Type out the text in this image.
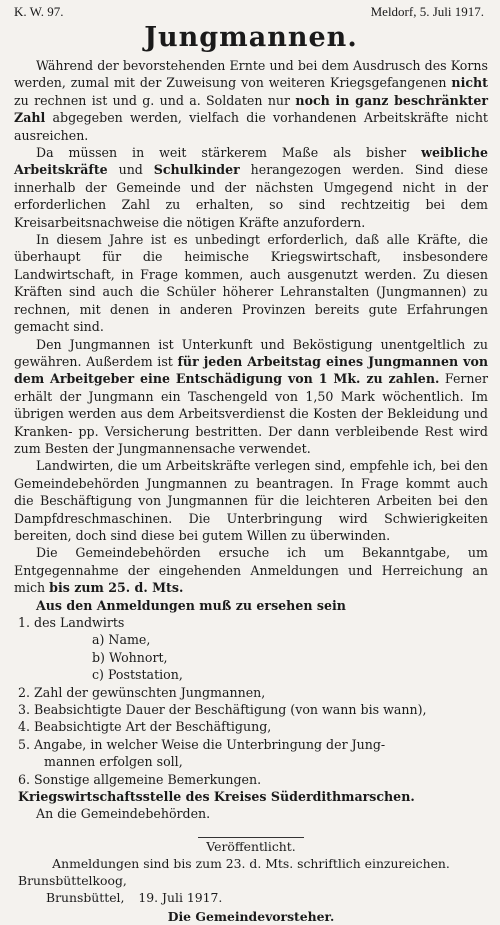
K. W. 97.	Meldorf, 5. Juli 1917.
Jungmannen.

Während der bevorstehenden Ernte und bei dem Ausdrusch des Korns werden, zumal mit der Zuweisung von weiteren Kriegsgefangenen nicht zu rechnen ist und g. und a. Soldaten nur noch in ganz beschränkter Zahl abgegeben werden, vielfach die vorhandenen Arbeitskräfte nicht ausreichen.

Da müssen in weit stärkerem Maße als bisher weibliche Arbeitskräfte und Schulkinder herangezogen werden. Sind diese innerhalb der Gemeinde und der nächsten Umgegend nicht in der erforderlichen Zahl zu erhalten, so sind rechtzeitig bei dem Kreisarbeitsnachweise die nötigen Kräfte anzufordern.

In diesem Jahre ist es unbedingt erforderlich, daß alle Kräfte, die überhaupt für die heimische Kriegswirtschaft, insbesondere Landwirtschaft, in Frage kommen, auch ausgenutzt werden. Zu diesen Kräften sind auch die Schüler höherer Lehranstalten (Jungmannen) zu rechnen, mit denen in anderen Provinzen bereits gute Erfahrungen gemacht sind.

Den Jungmannen ist Unterkunft und Beköstigung unentgeltlich zu gewähren. Außerdem ist für jeden Arbeitstag eines Jungmannen von dem Arbeitgeber eine Entschädigung von 1 Mk. zu zahlen. Ferner erhält der Jungmann ein Taschengeld von 1,50 Mark wöchentlich. Im übrigen werden aus dem Arbeitsverdienst die Kosten der Bekleidung und Kranken- pp. Versicherung bestritten. Der dann verbleibende Rest wird zum Besten der Jungmannensache verwendet.

Landwirten, die um Arbeitskräfte verlegen sind, empfehle ich, bei den Gemeindebehörden Jungmannen zu beantragen. In Frage kommt auch die Beschäftigung von Jungmannen für die leichteren Arbeiten bei den Dampfdreschmaschinen. Die Unterbringung wird Schwierigkeiten bereiten, doch sind diese bei gutem Willen zu überwinden.

Die Gemeindebehörden ersuche ich um Bekanntgabe, um Entgegennahme der eingehenden Anmeldungen und Herreichung an mich bis zum 25. d. Mts.

Aus den Anmeldungen muß zu ersehen sein
1. des Landwirts
a) Name,
b) Wohnort,
c) Poststation,
2. Zahl der gewünschten Jungmannen,
3. Beabsichtigte Dauer der Beschäftigung (von wann bis wann),
4. Beabsichtigte Art der Beschäftigung,
5. Angabe, in welcher Weise die Unterbringung der Jung-
mannen erfolgen soll,
6. Sonstige allgemeine Bemerkungen.
Kriegswirtschaftsstelle des Kreises Süderdithmarschen.
An die Gemeindebehörden.
Veröffentlicht.
Anmeldungen sind bis zum 23. d. Mts. schriftlich einzureichen.
Brunsbüttelkoog,
Brunsbüttel, 19. Juli 1917.
Die Gemeindevorsteher.
